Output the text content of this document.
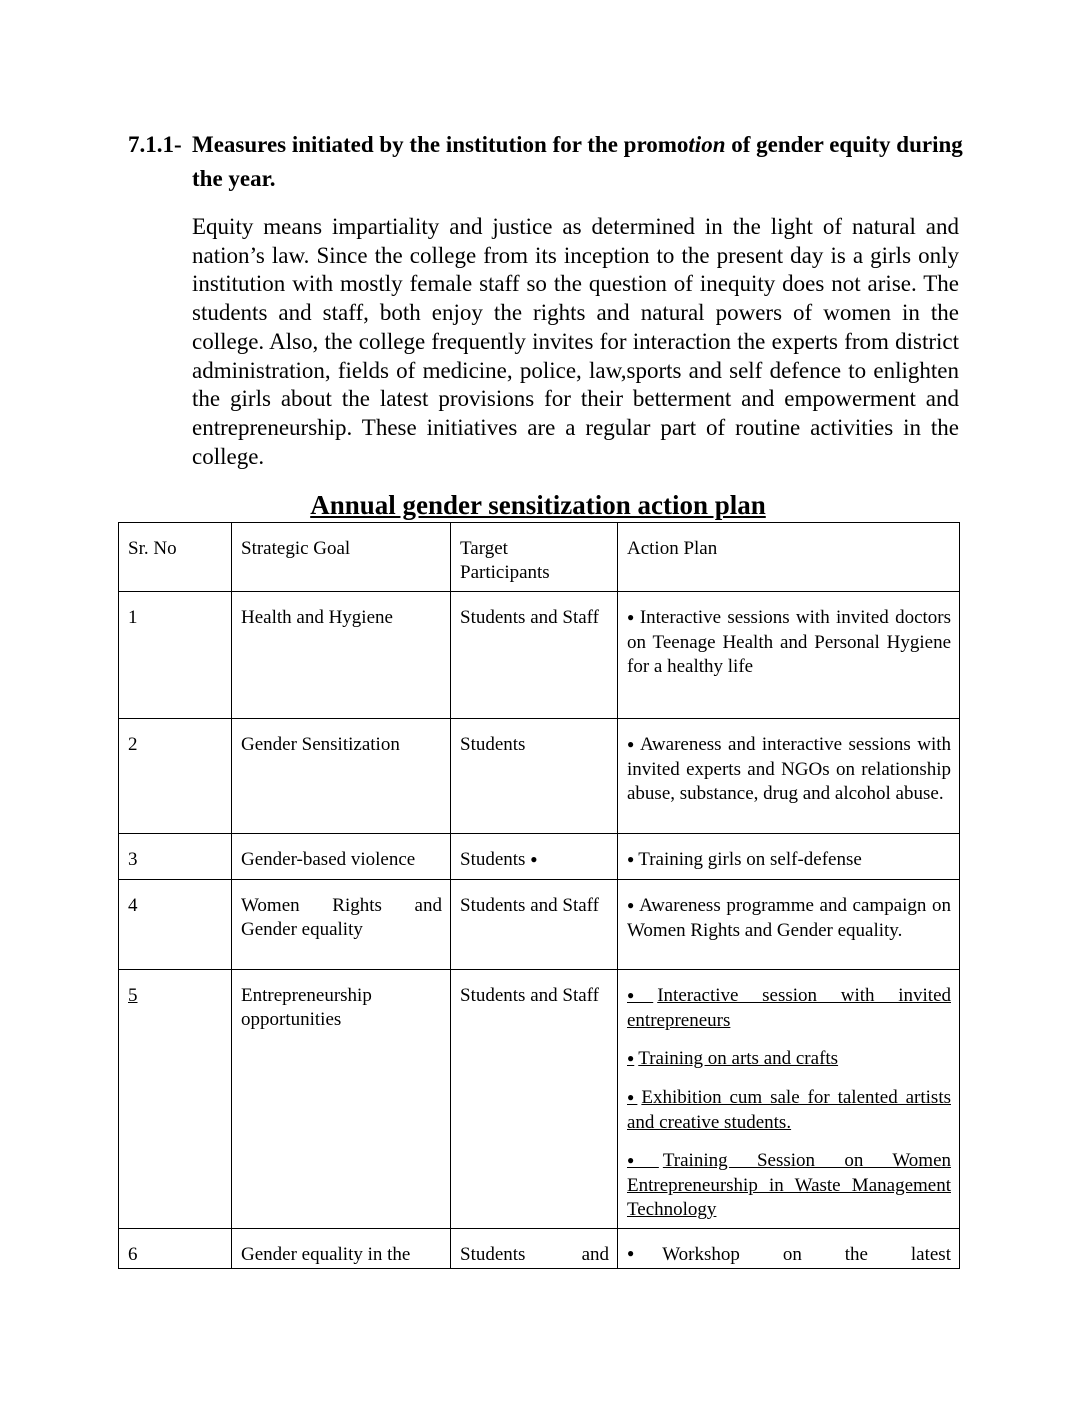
7.1.1- Measures initiated by the institution for the promotion of gender equity during the year.
Equity means impartiality and justice as determined in the light of natural and nation’s law. Since the college from its inception to the present day is a girls only institution with mostly female staff so the question of inequity does not arise. The students and staff, both enjoy the rights and natural powers of women in the college. Also, the college frequently invites for interaction the experts from district administration, fields of medicine, police, law,sports and self defence to enlighten the girls about the latest provisions for their betterment and empowerment and entrepreneurship. These initiatives are a regular part of routine activities in the college.
Annual gender sensitization action plan
Sr. No	Strategic Goal	Target Participants	Action Plan
1	Health and Hygiene	Students and Staff	● Interactive sessions with invited doctors on Teenage Health and Personal Hygiene for a healthy life
2	Gender Sensitization	Students	● Awareness and interactive sessions with invited experts and NGOs on relationship abuse, substance, drug and alcohol abuse.
3	Gender-based violence	Students ●	● Training girls on self-defense
4	Women Rights and Gender equality	Students and Staff	● Awareness programme and campaign on Women Rights and Gender equality.
5	Entrepreneurship opportunities	Students and Staff	● Interactive session with invited entrepreneurs

● Training on arts and crafts

● Exhibition cum sale for talented artists and creative students.

● Training Session on Women Entrepreneurship in Waste Management Technology

6	Gender equality in the	Students and	● Workshop on the latest
